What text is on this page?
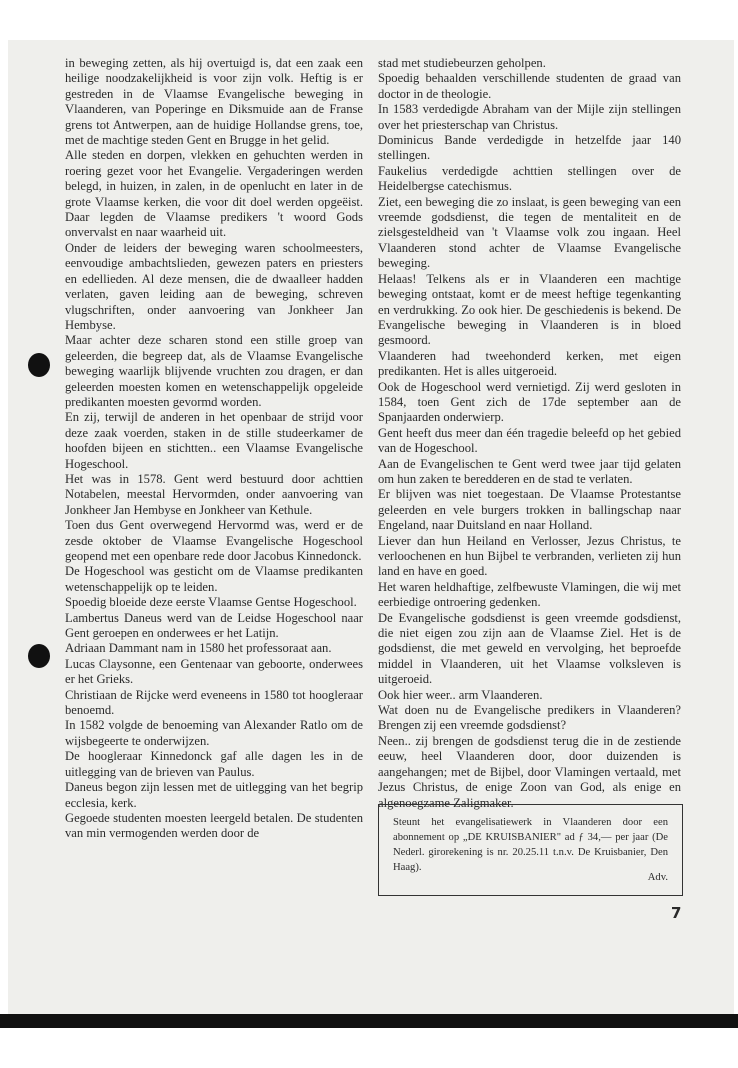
in beweging zetten, als hij overtuigd is, dat een zaak een heilige noodzakelijkheid is voor zijn volk. Heftig is er gestreden in de Vlaamse Evangelische beweging in Vlaanderen, van Poperinge en Diksmuide aan de Franse grens tot Antwerpen, aan de huidige Hollandse grens, toe, met de machtige steden Gent en Brugge in het gelid.

Alle steden en dorpen, vlekken en gehuchten werden in roering gezet voor het Evangelie. Vergaderingen werden belegd, in huizen, in zalen, in de openlucht en later in de grote Vlaamse kerken, die voor dit doel werden opgeëist. Daar legden de Vlaamse predikers 't woord Gods onvervalst en naar waarheid uit.

Onder de leiders der beweging waren schoolmeesters, eenvoudige ambachtslieden, gewezen paters en priesters en edellieden. Al deze mensen, die de dwaalleer hadden verlaten, gaven leiding aan de beweging, schreven vlugschriften, onder aanvoering van Jonkheer Jan Hembyse.

Maar achter deze scharen stond een stille groep van geleerden, die begreep dat, als de Vlaamse Evangelische beweging waarlijk blijvende vruchten zou dragen, er dan geleerden moesten komen en wetenschappelijk opgeleide predikanten moesten gevormd worden.

En zij, terwijl de anderen in het openbaar de strijd voor deze zaak voerden, staken in de stille studeerkamer de hoofden bijeen en stichtten.. een Vlaamse Evangelische Hogeschool.

Het was in 1578. Gent werd bestuurd door achttien Notabelen, meestal Hervormden, onder aanvoering van Jonkheer Jan Hembyse en Jonkheer van Kethule.

Toen dus Gent overwegend Hervormd was, werd er de zesde oktober de Vlaamse Evangelische Hogeschool geopend met een openbare rede door Jacobus Kinnedonck.

De Hogeschool was gesticht om de Vlaamse predikanten wetenschappelijk op te leiden.

Spoedig bloeide deze eerste Vlaamse Gentse Hogeschool.

Lambertus Daneus werd van de Leidse Hogeschool naar Gent geroepen en onderwees er het Latijn.

Adriaan Dammant nam in 1580 het professoraat aan.

Lucas Claysonne, een Gentenaar van geboorte, onderwees er het Grieks.

Christiaan de Rijcke werd eveneens in 1580 tot hoogleraar benoemd.

In 1582 volgde de benoeming van Alexander Ratlo om de wijsbegeerte te onderwijzen.

De hoogleraar Kinnedonck gaf alle dagen les in de uitlegging van de brieven van Paulus.

Daneus begon zijn lessen met de uitlegging van het begrip ecclesia, kerk.

Gegoede studenten moesten leergeld betalen. De studenten van min vermogenden werden door de

stad met studiebeurzen geholpen.

Spoedig behaalden verschillende studenten de graad van doctor in de theologie.

In 1583 verdedigde Abraham van der Mijle zijn stellingen over het priesterschap van Christus.

Dominicus Bande verdedigde in hetzelfde jaar 140 stellingen.

Faukelius verdedigde achttien stellingen over de Heidelbergse catechismus.

Ziet, een beweging die zo inslaat, is geen beweging van een vreemde godsdienst, die tegen de mentaliteit en de zielsgesteldheid van 't Vlaamse volk zou ingaan. Heel Vlaanderen stond achter de Vlaamse Evangelische beweging.

Helaas! Telkens als er in Vlaanderen een machtige beweging ontstaat, komt er de meest heftige tegenkanting en verdrukking. Zo ook hier. De geschiedenis is bekend. De Evangelische beweging in Vlaanderen is in bloed gesmoord.

Vlaanderen had tweehonderd kerken, met eigen predikanten. Het is alles uitgeroeid.

Ook de Hogeschool werd vernietigd. Zij werd gesloten in 1584, toen Gent zich de 17de september aan de Spanjaarden onderwierp.

Gent heeft dus meer dan één tragedie beleefd op het gebied van de Hogeschool.

Aan de Evangelischen te Gent werd twee jaar tijd gelaten om hun zaken te beredderen en de stad te verlaten.

Er blijven was niet toegestaan. De Vlaamse Protestantse geleerden en vele burgers trokken in ballingschap naar Engeland, naar Duitsland en naar Holland.

Liever dan hun Heiland en Verlosser, Jezus Christus, te verloochenen en hun Bijbel te verbranden, verlieten zij hun land en have en goed.

Het waren heldhaftige, zelfbewuste Vlamingen, die wij met eerbiedige ontroering gedenken.

De Evangelische godsdienst is geen vreemde godsdienst, die niet eigen zou zijn aan de Vlaamse Ziel. Het is de godsdienst, die met geweld en vervolging, het beproefde middel in Vlaanderen, uit het Vlaamse volksleven is uitgeroeid.

Ook hier weer.. arm Vlaanderen.

Wat doen nu de Evangelische predikers in Vlaanderen? Brengen zij een vreemde godsdienst?

Neen.. zij brengen de godsdienst terug die in de zestiende eeuw, heel Vlaanderen door, door duizenden is aangehangen; met de Bijbel, door Vlamingen vertaald, met Jezus Christus, de enige Zoon van God, als enige en algenoegzame Zaligmaker.

Steunt het evangelisatiewerk in Vlaanderen door een abonnement op „DE KRUISBANIER" ad ƒ 34,— per jaar (De Nederl. girorekening is nr. 20.25.11 t.n.v. De Kruisbanier, Den Haag).
Adv.
7
